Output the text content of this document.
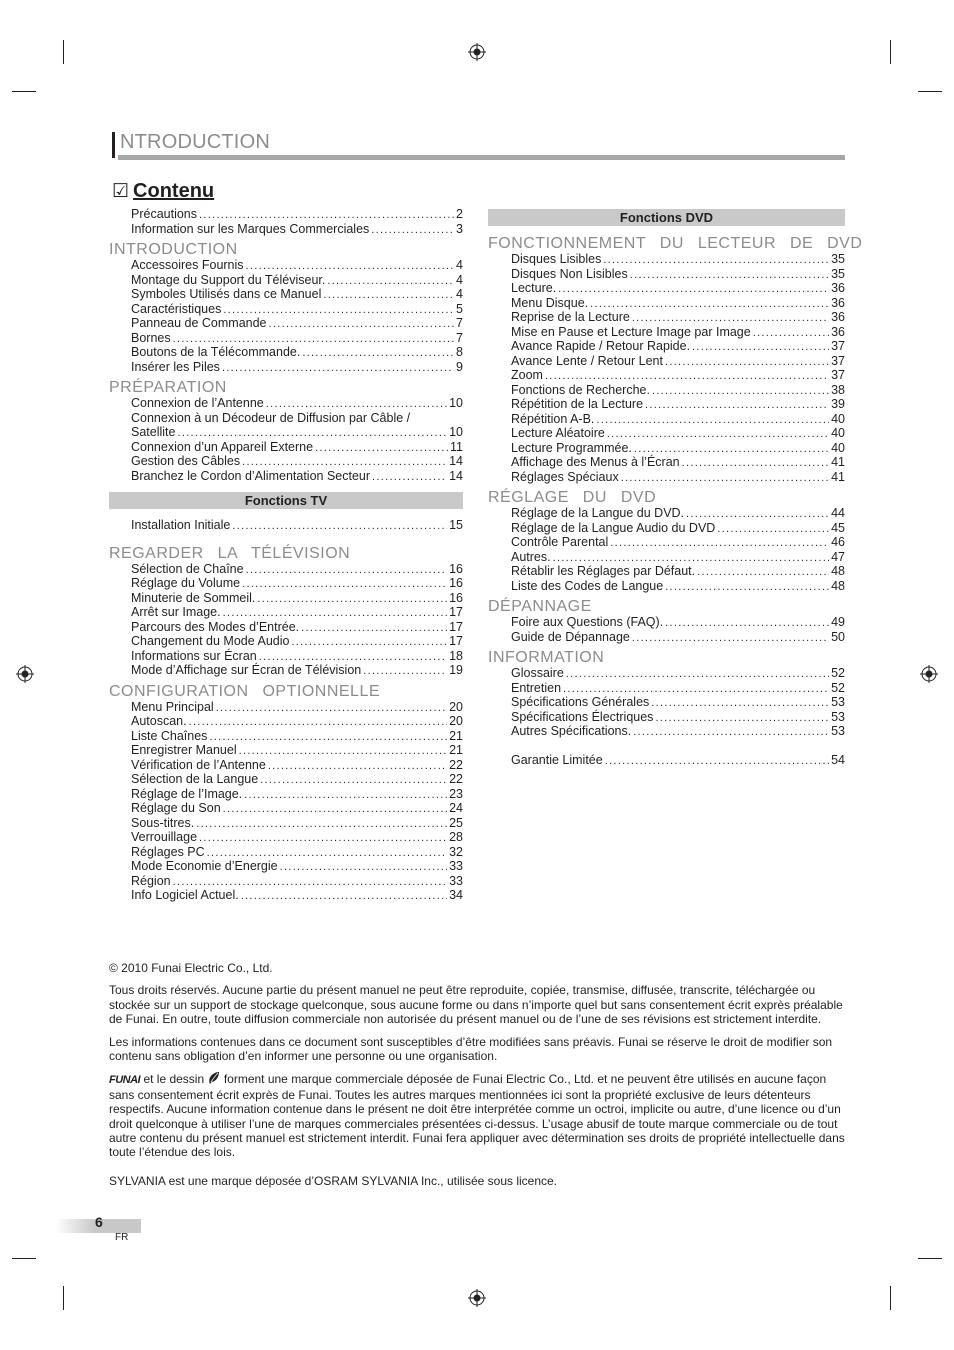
NTRODUCTION
☑ Contenu
Précautions .....	2
Information sur les Marques Commerciales .....	3
INTRODUCTION
Accessoires Fournis .....	4
Montage du Support du Téléviseur. .....	4
Symboles Utilisés dans ce Manuel .....	4
Caractéristiques .....	5
Panneau de Commande .....	7
Bornes .....	7
Boutons de la Télécommande. .....	8
Insérer les Piles .....	9
PRÉPARATION
Connexion de l’Antenne .....	10
Connexion à un Décodeur de Diffusion par Câble /
Satellite .....	10
Connexion d’un Appareil Externe .....	11
Gestion des Câbles .....	14
Branchez le Cordon d’Alimentation Secteur .....	14
Fonctions TV
Installation Initiale .....	15
REGARDER LA TÉLÉVISION
Sélection de Chaîne .....	16
Réglage du Volume .....	16
Minuterie de Sommeil. .....	16
Arrêt sur Image. .....	17
Parcours des Modes d’Entrée. .....	17
Changement du Mode Audio .....	17
Informations sur Écran .....	18
Mode d’Affichage sur Écran de Télévision .....	19
CONFIGURATION OPTIONNELLE
Menu Principal .....	20
Autoscan. .....	20
Liste Chaînes .....	21
Enregistrer Manuel .....	21
Vérification de l’Antenne .....	22
Sélection de la Langue .....	22
Réglage de l’Image. .....	23
Réglage du Son .....	24
Sous-titres. .....	25
Verrouillage .....	28
Réglages PC .....	32
Mode Economie d’Energie .....	33
Région .....	33
Info Logiciel Actuel. .....	34
Fonctions DVD
FONCTIONNEMENT DU LECTEUR DE DVD
Disques Lisibles .....	35
Disques Non Lisibles .....	35
Lecture. .....	36
Menu Disque. .....	36
Reprise de la Lecture .....	36
Mise en Pause et Lecture Image par Image .....	36
Avance Rapide / Retour Rapide. .....	37
Avance Lente / Retour Lent .....	37
Zoom .....	37
Fonctions de Recherche. .....	38
Répétition de la Lecture .....	39
Répétition A-B. .....	40
Lecture Aléatoire .....	40
Lecture Programmée. .....	40
Affichage des Menus à l’Écran .....	41
Réglages Spéciaux .....	41
RÉGLAGE DU DVD
Réglage de la Langue du DVD. .....	44
Réglage de la Langue Audio du DVD .....	45
Contrôle Parental .....	46
Autres. .....	47
Rétablir les Réglages par Défaut. .....	48
Liste des Codes de Langue .....	48
DÉPANNAGE
Foire aux Questions (FAQ). .....	49
Guide de Dépannage .....	50
INFORMATION
Glossaire .....	52
Entretien .....	52
Spécifications Générales .....	53
Spécifications Électriques .....	53
Autres Spécifications. .....	53
Garantie Limitée .....	54

© 2010 Funai Electric Co., Ltd.

Tous droits réservés. Aucune partie du présent manuel ne peut être reproduite, copiée, transmise, diffusée, transcrite, téléchargée ou stockée sur un support de stockage quelconque, sous aucune forme ou dans n’importe quel but sans consentement écrit exprès préalable de Funai. En outre, toute diffusion commerciale non autorisée du présent manuel ou de l’une de ses révisions est strictement interdite.

Les informations contenues dans ce document sont susceptibles d’être modifiées sans préavis. Funai se réserve le droit de modifier son contenu sans obligation d’en informer une personne ou une organisation.

FUNAI et le dessin  forment une marque commerciale déposée de Funai Electric Co., Ltd. et ne peuvent être utilisés en aucune façon sans consentement écrit exprès de Funai. Toutes les autres marques mentionnées ici sont la propriété exclusive de leurs détenteurs respectifs. Aucune information contenue dans le présent ne doit être interprétée comme un octroi, implicite ou autre, d’une licence ou d’un droit quelconque à utiliser l’une de marques commerciales présentées ci-dessus. L’usage abusif de toute marque commerciale ou de tout autre contenu du présent manuel est strictement interdit. Funai fera appliquer avec détermination ses droits de propriété intellectuelle dans toute l’étendue des lois.

SYLVANIA est une marque déposée d’OSRAM SYLVANIA Inc., utilisée sous licence.

6
FR
